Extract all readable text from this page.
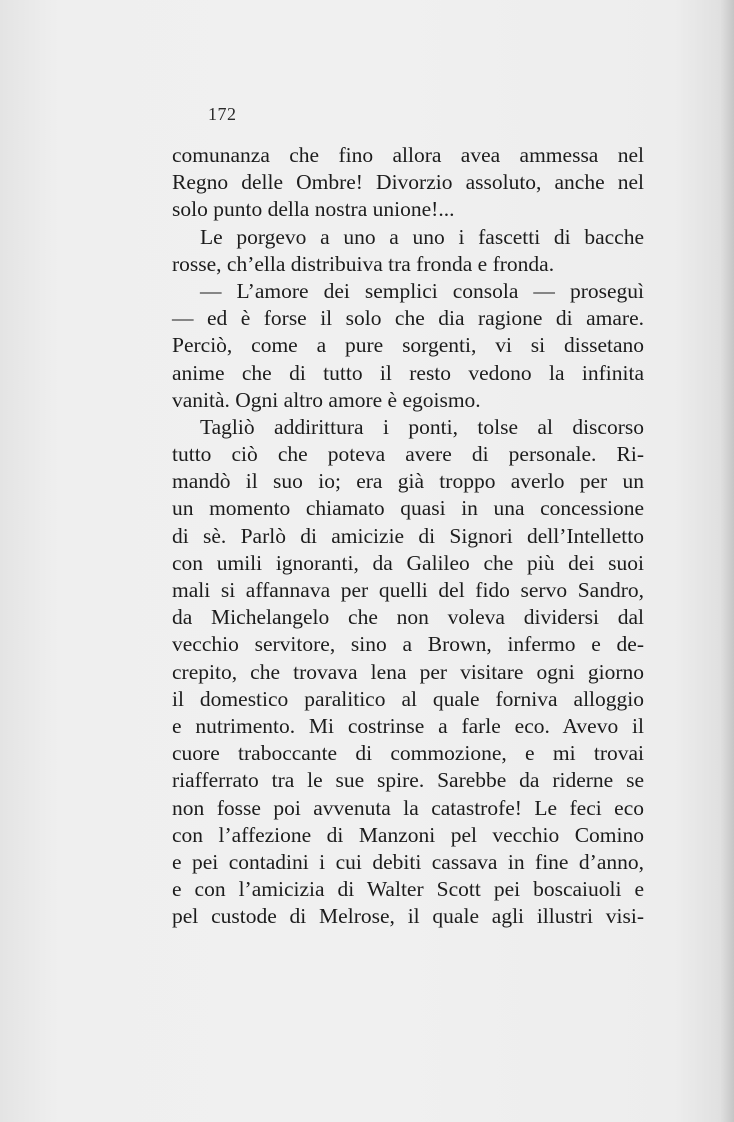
172
comunanza che fino allora avea ammessa nel
Regno delle Ombre! Divorzio assoluto, anche nel
solo punto della nostra unione!...
Le porgevo a uno a uno i fascetti di bacche
rosse, ch’ella distribuiva tra fronda e fronda.
— L’amore dei semplici consola — proseguì
— ed è forse il solo che dia ragione di amare.
Perciò, come a pure sorgenti, vi si dissetano
anime che di tutto il resto vedono la infinita
vanità. Ogni altro amore è egoismo.
Tagliò addirittura i ponti, tolse al discorso
tutto ciò che poteva avere di personale. Ri-
mandò il suo io; era già troppo averlo per un
un momento chiamato quasi in una concessione
di sè. Parlò di amicizie di Signori dell’Intelletto
con umili ignoranti, da Galileo che più dei suoi
mali si affannava per quelli del fido servo Sandro,
da Michelangelo che non voleva dividersi dal
vecchio servitore, sino a Brown, infermo e de-
crepito, che trovava lena per visitare ogni giorno
il domestico paralitico al quale forniva alloggio
e nutrimento. Mi costrinse a farle eco. Avevo il
cuore traboccante di commozione, e mi trovai
riafferrato tra le sue spire. Sarebbe da riderne se
non fosse poi avvenuta la catastrofe! Le feci eco
con l’affezione di Manzoni pel vecchio Comino
e pei contadini i cui debiti cassava in fine d’anno,
e con l’amicizia di Walter Scott pei boscaiuoli e
pel custode di Melrose, il quale agli illustri visi-
